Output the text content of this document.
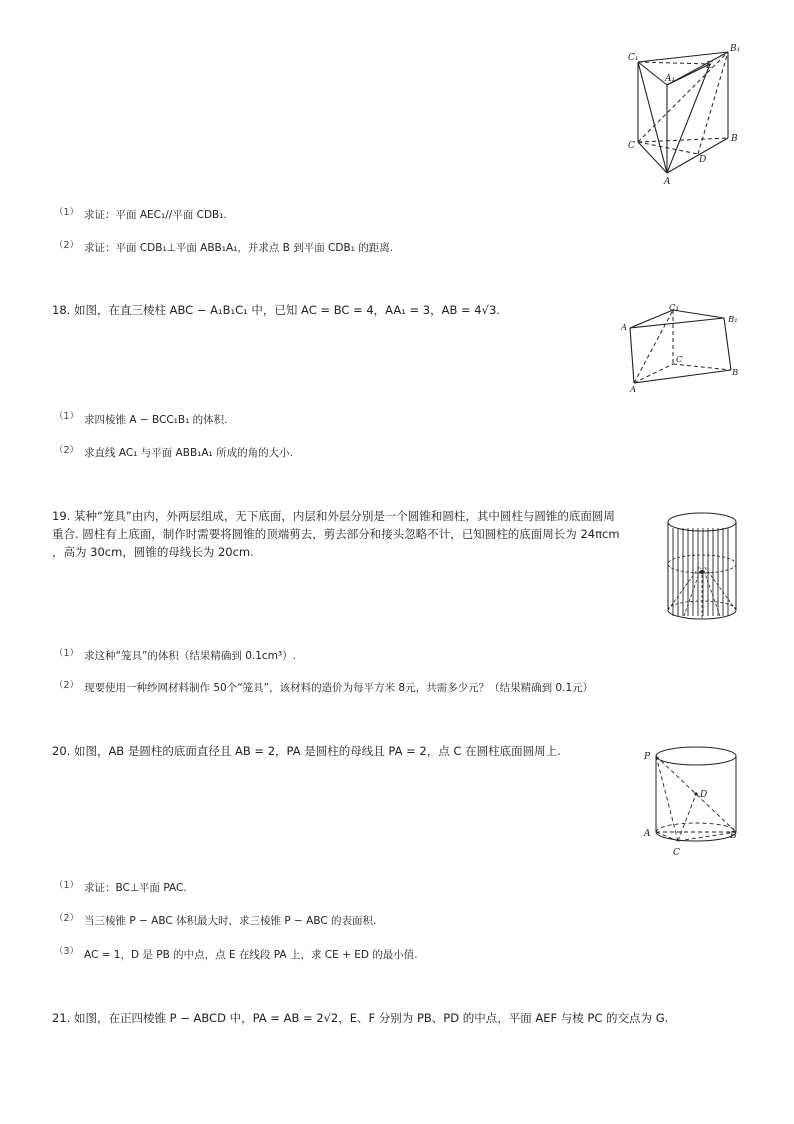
C₁
B₁
A₁
E
C
B
D
A
（1） 求证：平面 AEC₁//平面 CDB₁.
（2） 求证：平面 CDB₁⊥平面 ABB₁A₁，并求点 B 到平面 CDB₁ 的距离.
18. 如图，在直三棱柱 ABC − A₁B₁C₁ 中，已知 AC = BC = 4，AA₁ = 3，AB = 4√3.	C₁
A
B₁
C
A
B
（1） 求四棱锥 A − BCC₁B₁ 的体积.
（2） 求直线 AC₁ 与平面 ABB₁A₁ 所成的角的大小.
19. 某种“笼具”由内，外两层组成，无下底面，内层和外层分别是一个圆锥和圆柱，其中圆柱与圆锥的底面圆周
重合. 圆柱有上底面，制作时需要将圆锥的顶端剪去，剪去部分和接头忽略不计，已知圆柱的底面周长为 24πcm
，高为 30cm，圆锥的母线长为 20cm.
（1） 求这种“笼具”的体积（结果精确到 0.1cm³）.
（2） 现要使用一种纱网材料制作 50个“笼具”，该材料的造价为每平方米 8元，共需多少元？（结果精确到 0.1元）
20. 如图，AB 是圆柱的底面直径且 AB = 2，PA 是圆柱的母线且 PA = 2，点 C 在圆柱底面圆周上.	P
D
A	B
C
（1） 求证：BC⊥平面 PAC.
（2） 当三棱锥 P − ABC 体积最大时，求三棱锥 P − ABC 的表面积.
（3） AC = 1，D 是 PB 的中点，点 E 在线段 PA 上，求 CE + ED 的最小值.
21. 如图，在正四棱锥 P − ABCD 中，PA = AB = 2√2，E、F 分别为 PB、PD 的中点，平面 AEF 与棱 PC 的交点为 G.
